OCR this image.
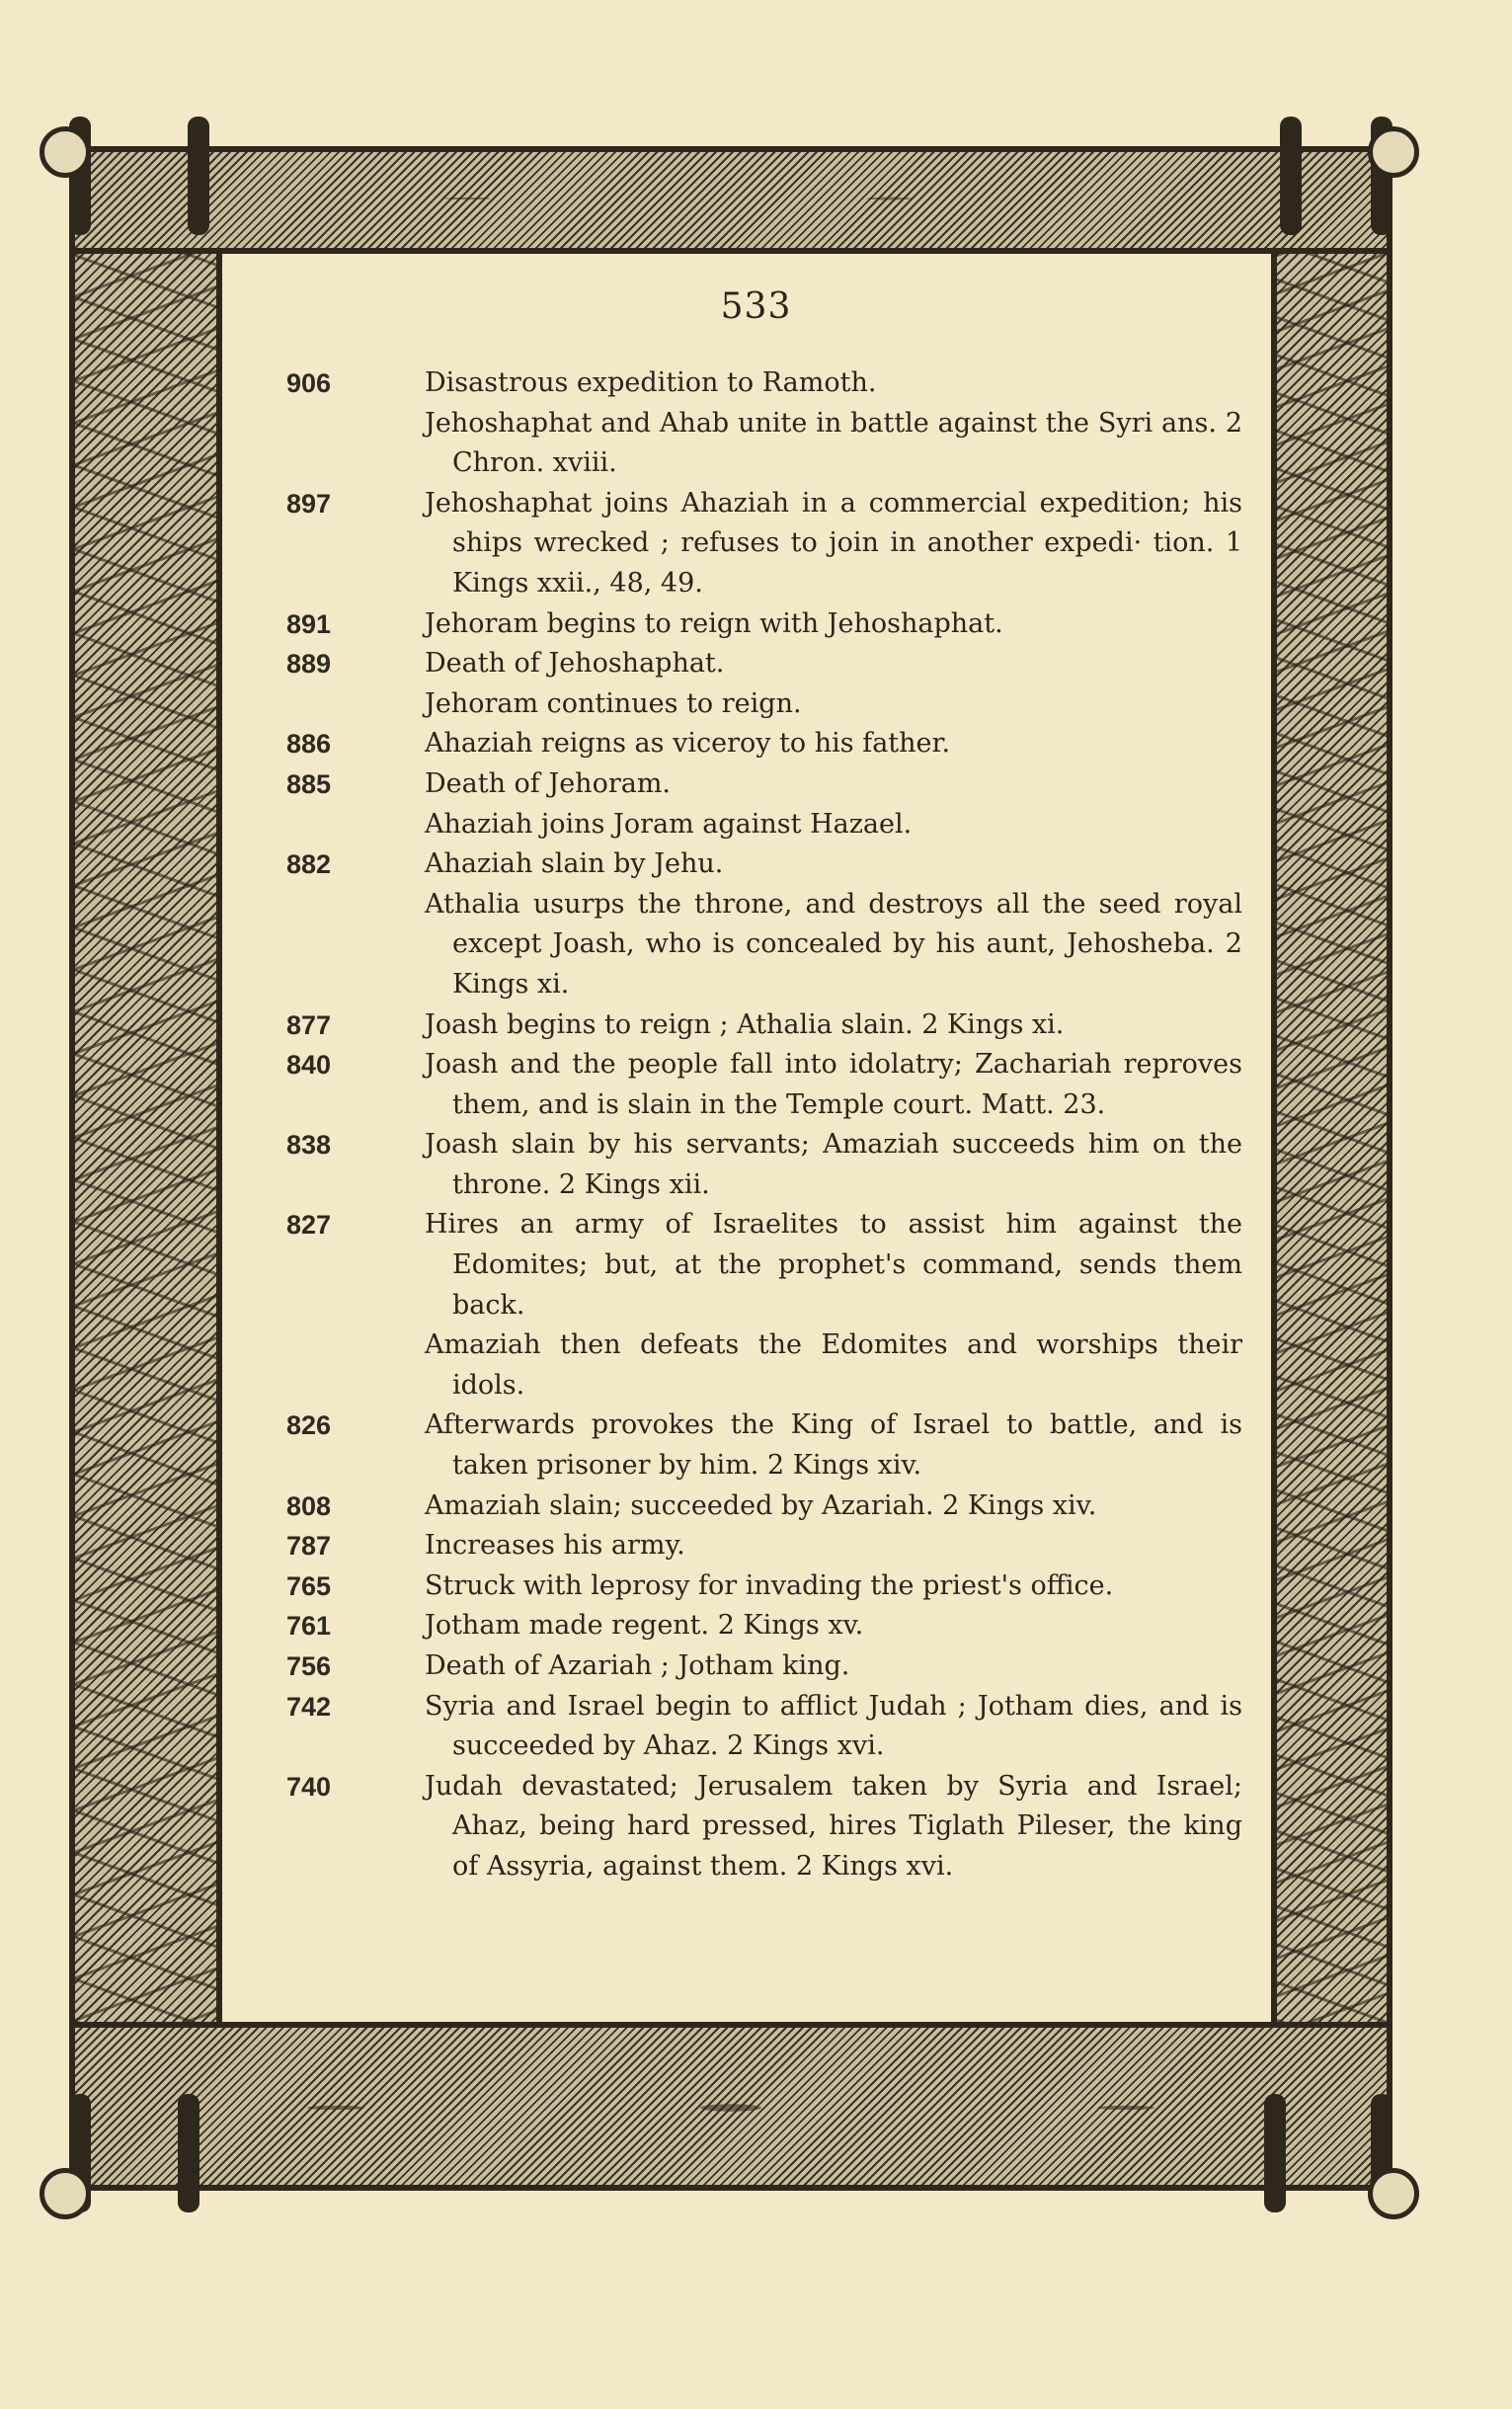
533
906	Disastrous expedition to Ramoth.
Jehoshaphat and Ahab unite in battle against the Syri ans. 2 Chron. xviii.
897	Jehoshaphat joins Ahaziah in a commercial expedition; his ships wrecked ; refuses to join in another expedi· tion. 1 Kings xxii., 48, 49.
891	Jehoram begins to reign with Jehoshaphat.
889	Death of Jehoshaphat.
Jehoram continues to reign.
886	Ahaziah reigns as viceroy to his father.
885	Death of Jehoram.
Ahaziah joins Joram against Hazael.
882	Ahaziah slain by Jehu.
Athalia usurps the throne, and destroys all the seed royal except Joash, who is concealed by his aunt, Jehosheba. 2 Kings xi.
877	Joash begins to reign ; Athalia slain. 2 Kings xi.
840	Joash and the people fall into idolatry; Zachariah reproves them, and is slain in the Temple court. Matt. 23.
838	Joash slain by his servants; Amaziah succeeds him on the throne. 2 Kings xii.
827	Hires an army of Israelites to assist him against the Edomites; but, at the prophet's command, sends them back.
Amaziah then defeats the Edomites and worships their idols.
826	Afterwards provokes the King of Israel to battle, and is taken prisoner by him. 2 Kings xiv.
808	Amaziah slain; succeeded by Azariah. 2 Kings xiv.
787	Increases his army.
765	Struck with leprosy for invading the priest's office.
761	Jotham made regent. 2 Kings xv.
756	Death of Azariah ; Jotham king.
742	Syria and Israel begin to afflict Judah ; Jotham dies, and is succeeded by Ahaz. 2 Kings xvi.
740	Judah devastated; Jerusalem taken by Syria and Israel; Ahaz, being hard pressed, hires Tiglath Pileser, the king of Assyria, against them. 2 Kings xvi.
